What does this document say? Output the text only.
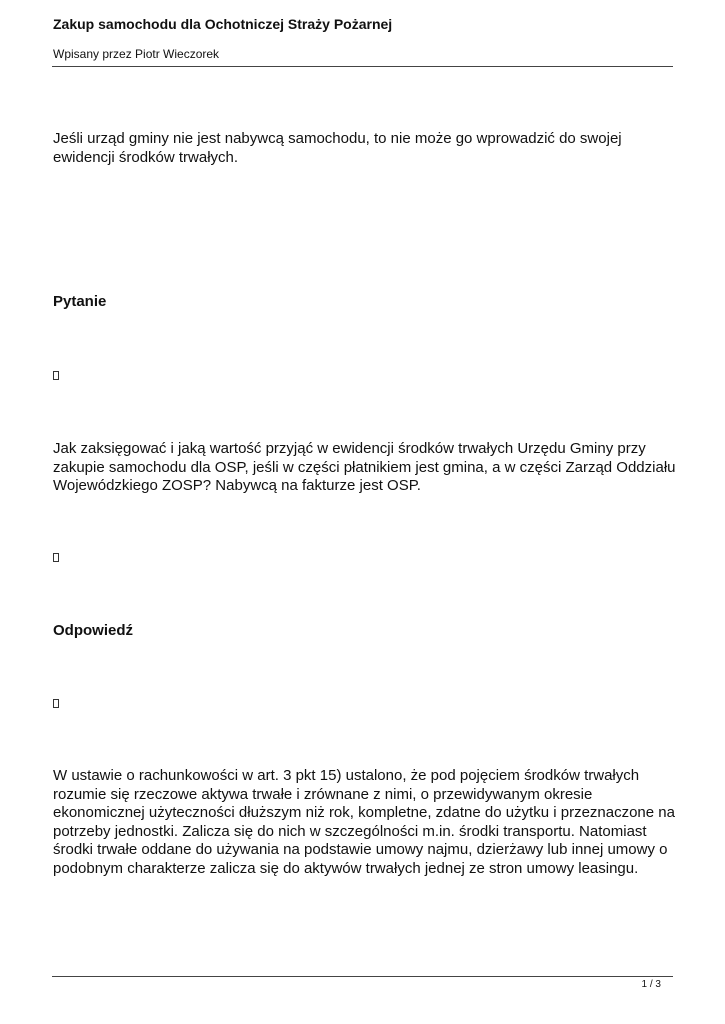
Zakup samochodu dla Ochotniczej Straży Pożarnej
Wpisany przez Piotr Wieczorek

Jeśli urząd gminy nie jest nabywcą samochodu, to nie może go wprowadzić do swojej ewidencji środków trwałych.

Pytanie

Jak zaksięgować i jaką wartość przyjąć w ewidencji środków trwałych Urzędu Gminy przy zakupie samochodu dla OSP, jeśli w części płatnikiem jest gmina, a w części Zarząd Oddziału Wojewódzkiego ZOSP? Nabywcą na fakturze jest OSP.

Odpowiedź

W ustawie o rachunkowości w art. 3 pkt 15) ustalono, że pod pojęciem środków trwałych rozumie się rzeczowe aktywa trwałe i zrównane z nimi, o przewidywanym okresie ekonomicznej użyteczności dłuższym niż rok, kompletne, zdatne do użytku i przeznaczone na potrzeby jednostki. Zalicza się do nich w szczególności m.in. środki transportu. Natomiast środki trwałe oddane do używania na podstawie umowy najmu, dzierżawy lub innej umowy o podobnym charakterze zalicza się do aktywów trwałych jednej ze stron umowy leasingu.

1 / 3
